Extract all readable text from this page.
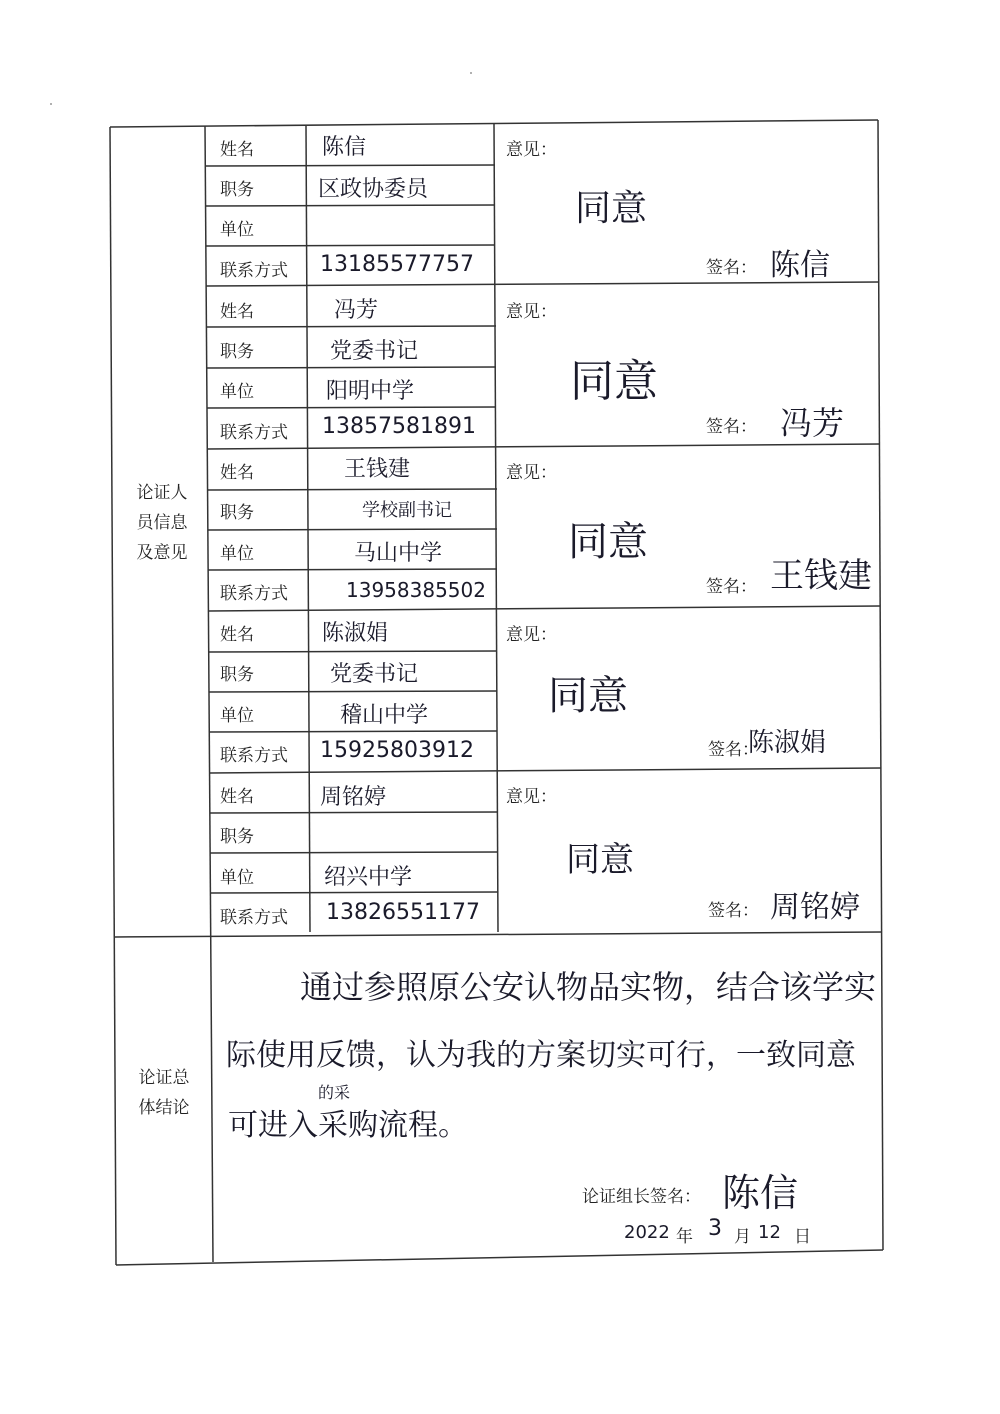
论证人
员信息
及意见
论证总
体结论
姓名
职务
单位
联系方式
陈信
区政协委员
13185577757
意见：
同意
签名： 陈信
姓名
职务
单位
联系方式
冯芳
党委书记
阳明中学
13857581891
意见：
同意
签名： 冯芳
姓名
职务
单位
联系方式
王钱建
学校副书记
马山中学
13958385502
意见：
同意
签名： 王钱建
姓名
职务
单位
联系方式
陈淑娟
党委书记
稽山中学
15925803912
意见：
同意
签名：
陈淑娟
姓名
职务
单位
联系方式
周铭婷
绍兴中学
13826551177
意见：
同意
签名： 周铭婷
通过参照原公安认物品实物，结合该学实
际使用反馈，认为我的方案切实可行，一致同意
的采
可进入采购流程。
论证组长签名： 陈信
2022 年 3 月 12 日
